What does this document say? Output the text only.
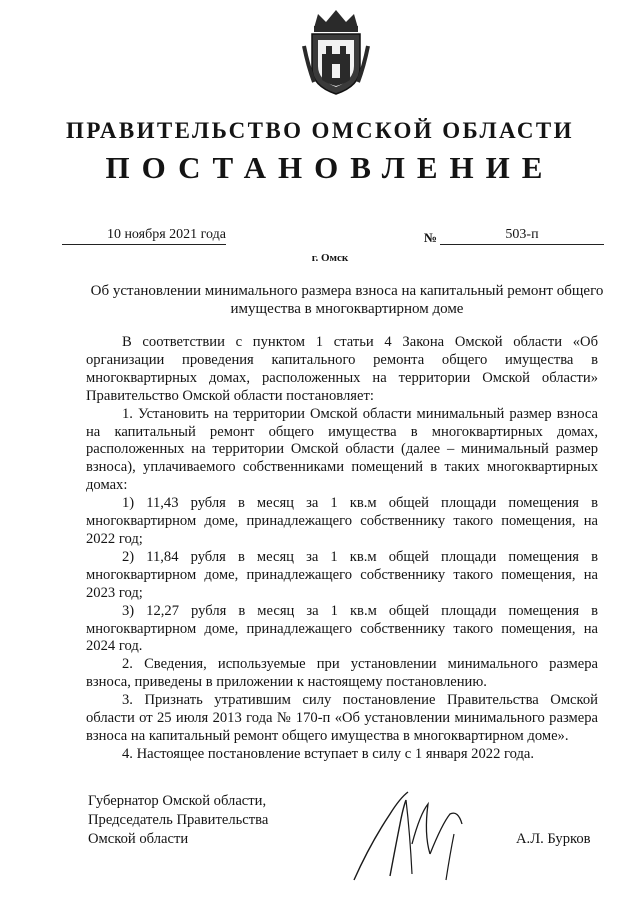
ПРАВИТЕЛЬСТВО ОМСКОЙ ОБЛАСТИ
ПОСТАНОВЛЕНИЕ
10 ноября 2021 года	№	503-п
г. Омск
Об установлении минимального размера взноса на капитальный ремонт общего имущества в многоквартирном доме

В соответствии с пунктом 1 статьи 4 Закона Омской области «Об организации проведения капитального ремонта общего имущества в многоквартирных домах, расположенных на территории Омской области» Правительство Омской области постановляет:

1. Установить на территории Омской области минимальный размер взноса на капитальный ремонт общего имущества в многоквартирных домах, расположенных на территории Омской области (далее – минимальный размер взноса), уплачиваемого собственниками помещений в таких многоквартирных домах:

1) 11,43 рубля в месяц за 1 кв.м общей площади помещения в многоквартирном доме, принадлежащего собственнику такого помещения, на 2022 год;

2) 11,84 рубля в месяц за 1 кв.м общей площади помещения в многоквартирном доме, принадлежащего собственнику такого помещения, на 2023 год;

3) 12,27 рубля в месяц за 1 кв.м общей площади помещения в многоквартирном доме, принадлежащего собственнику такого помещения, на 2024 год.

2. Сведения, используемые при установлении минимального размера взноса, приведены в приложении к настоящему постановлению.

3. Признать утратившим силу постановление Правительства Омской области от 25 июля 2013 года № 170-п «Об установлении минимального размера взноса на капитальный ремонт общего имущества в многоквартирном доме».

4. Настоящее постановление вступает в силу с 1 января 2022 года.

Губернатор Омской области,
Председатель Правительства
Омской области	А.Л. Бурков
